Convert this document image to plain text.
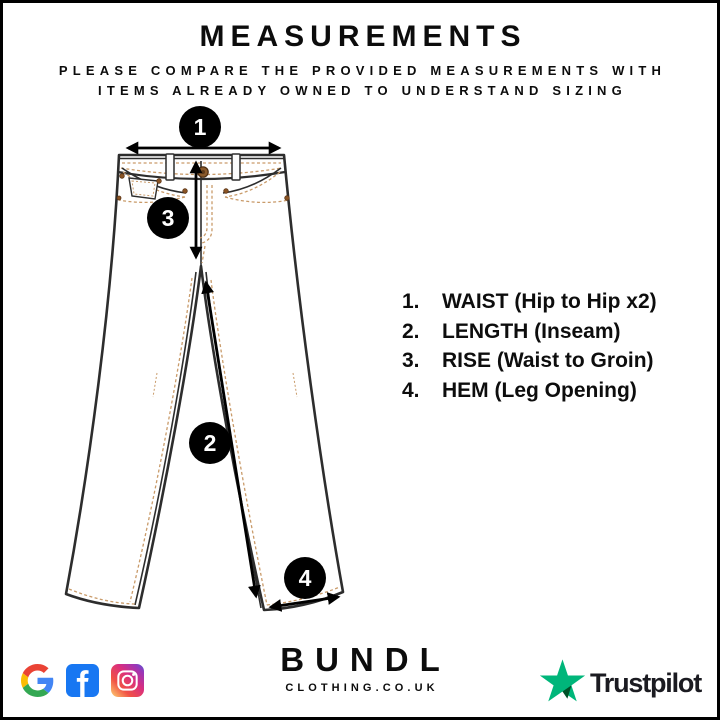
MEASUREMENTS
PLEASE COMPARE THE PROVIDED MEASUREMENTS WITH
ITEMS ALREADY OWNED TO UNDERSTAND SIZING
1
3
2
4
1.	WAIST (Hip to Hip x2)
2.	LENGTH (Inseam)
3.	RISE (Waist to Groin)
4.	HEM (Leg Opening)
BUNDL
CLOTHING.CO.UK	Trustpilot
